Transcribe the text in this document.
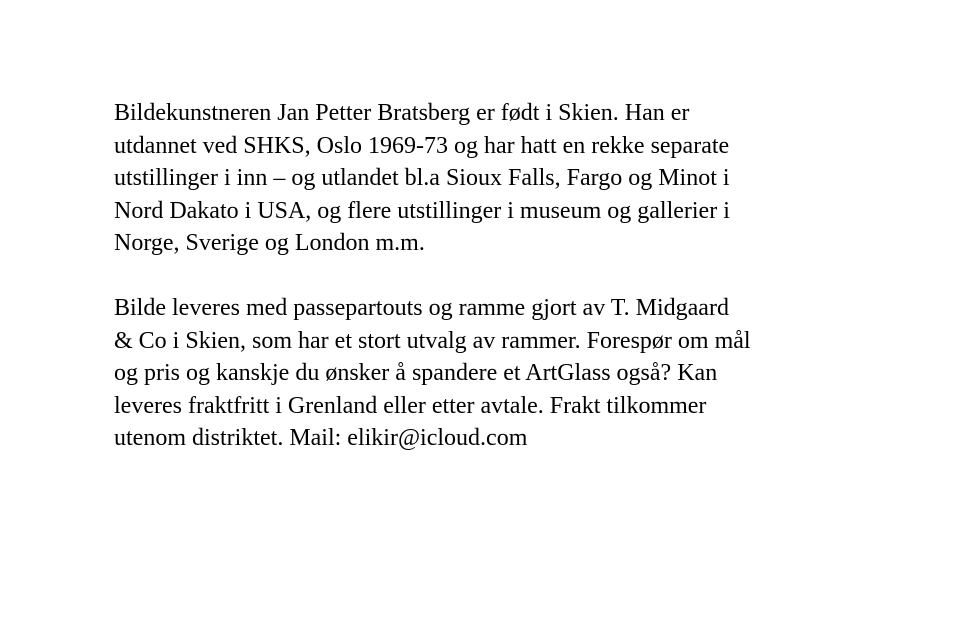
Bildekunstneren Jan Petter Bratsberg er født i Skien. Han er
utdannet ved SHKS, Oslo 1969-73 og har hatt en rekke separate
utstillinger i inn – og utlandet bl.a Sioux Falls, Fargo og Minot i
Nord Dakato i USA, og flere utstillinger i museum og gallerier i
Norge, Sverige og London m.m.

Bilde leveres med passepartouts og ramme gjort av T. Midgaard
& Co i Skien, som har et stort utvalg av rammer. Forespør om mål
og pris og kanskje du ønsker å spandere et ArtGlass også? Kan
leveres fraktfritt i Grenland eller etter avtale. Frakt tilkommer
utenom distriktet. Mail: elikir@icloud.com
